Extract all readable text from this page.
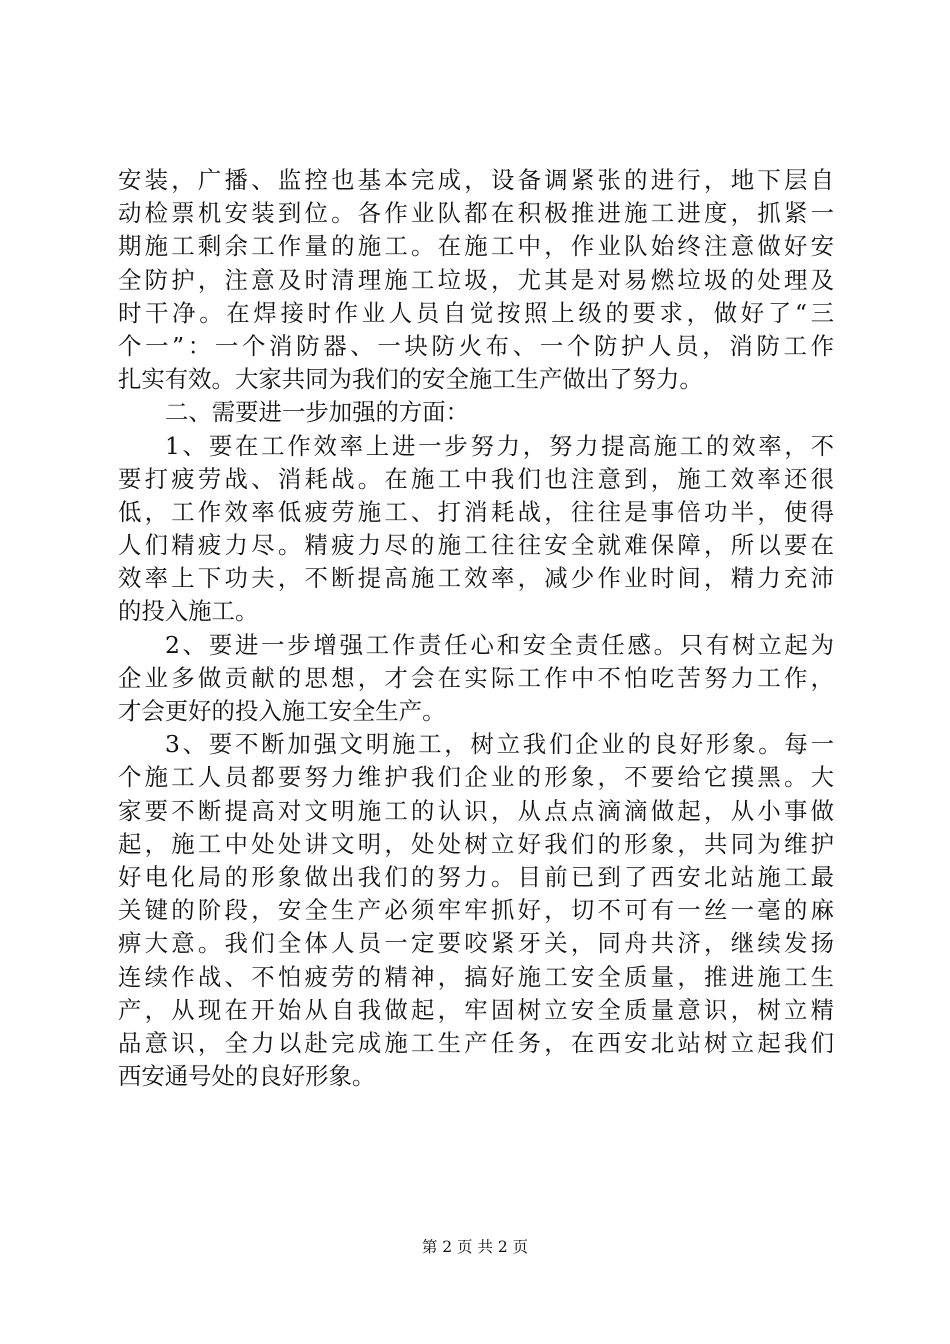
安装，广播、监控也基本完成，设备调紧张的进行，地下层自
动检票机安装到位。各作业队都在积极推进施工进度，抓紧一
期施工剩余工作量的施工。在施工中，作业队始终注意做好安
全防护，注意及时清理施工垃圾，尤其是对易燃垃圾的处理及
时干净。在焊接时作业人员自觉按照上级的要求，做好了“三
个一”：一个消防器、一块防火布、一个防护人员，消防工作
扎实有效。大家共同为我们的安全施工生产做出了努力。
二、需要进一步加强的方面：
1、要在工作效率上进一步努力，努力提高施工的效率，不
要打疲劳战、消耗战。在施工中我们也注意到，施工效率还很
低，工作效率低疲劳施工、打消耗战，往往是事倍功半，使得
人们精疲力尽。精疲力尽的施工往往安全就难保障，所以要在
效率上下功夫，不断提高施工效率，减少作业时间，精力充沛
的投入施工。
2、要进一步增强工作责任心和安全责任感。只有树立起为
企业多做贡献的思想，才会在实际工作中不怕吃苦努力工作，
才会更好的投入施工安全生产。
3、要不断加强文明施工，树立我们企业的良好形象。每一
个施工人员都要努力维护我们企业的形象，不要给它摸黑。大
家要不断提高对文明施工的认识，从点点滴滴做起，从小事做
起，施工中处处讲文明，处处树立好我们的形象，共同为维护
好电化局的形象做出我们的努力。目前已到了西安北站施工最
关键的阶段，安全生产必须牢牢抓好，切不可有一丝一毫的麻
痹大意。我们全体人员一定要咬紧牙关，同舟共济，继续发扬
连续作战、不怕疲劳的精神，搞好施工安全质量，推进施工生
产，从现在开始从自我做起，牢固树立安全质量意识，树立精
品意识，全力以赴完成施工生产任务，在西安北站树立起我们
西安通号处的良好形象。
第 2 页 共 2 页
